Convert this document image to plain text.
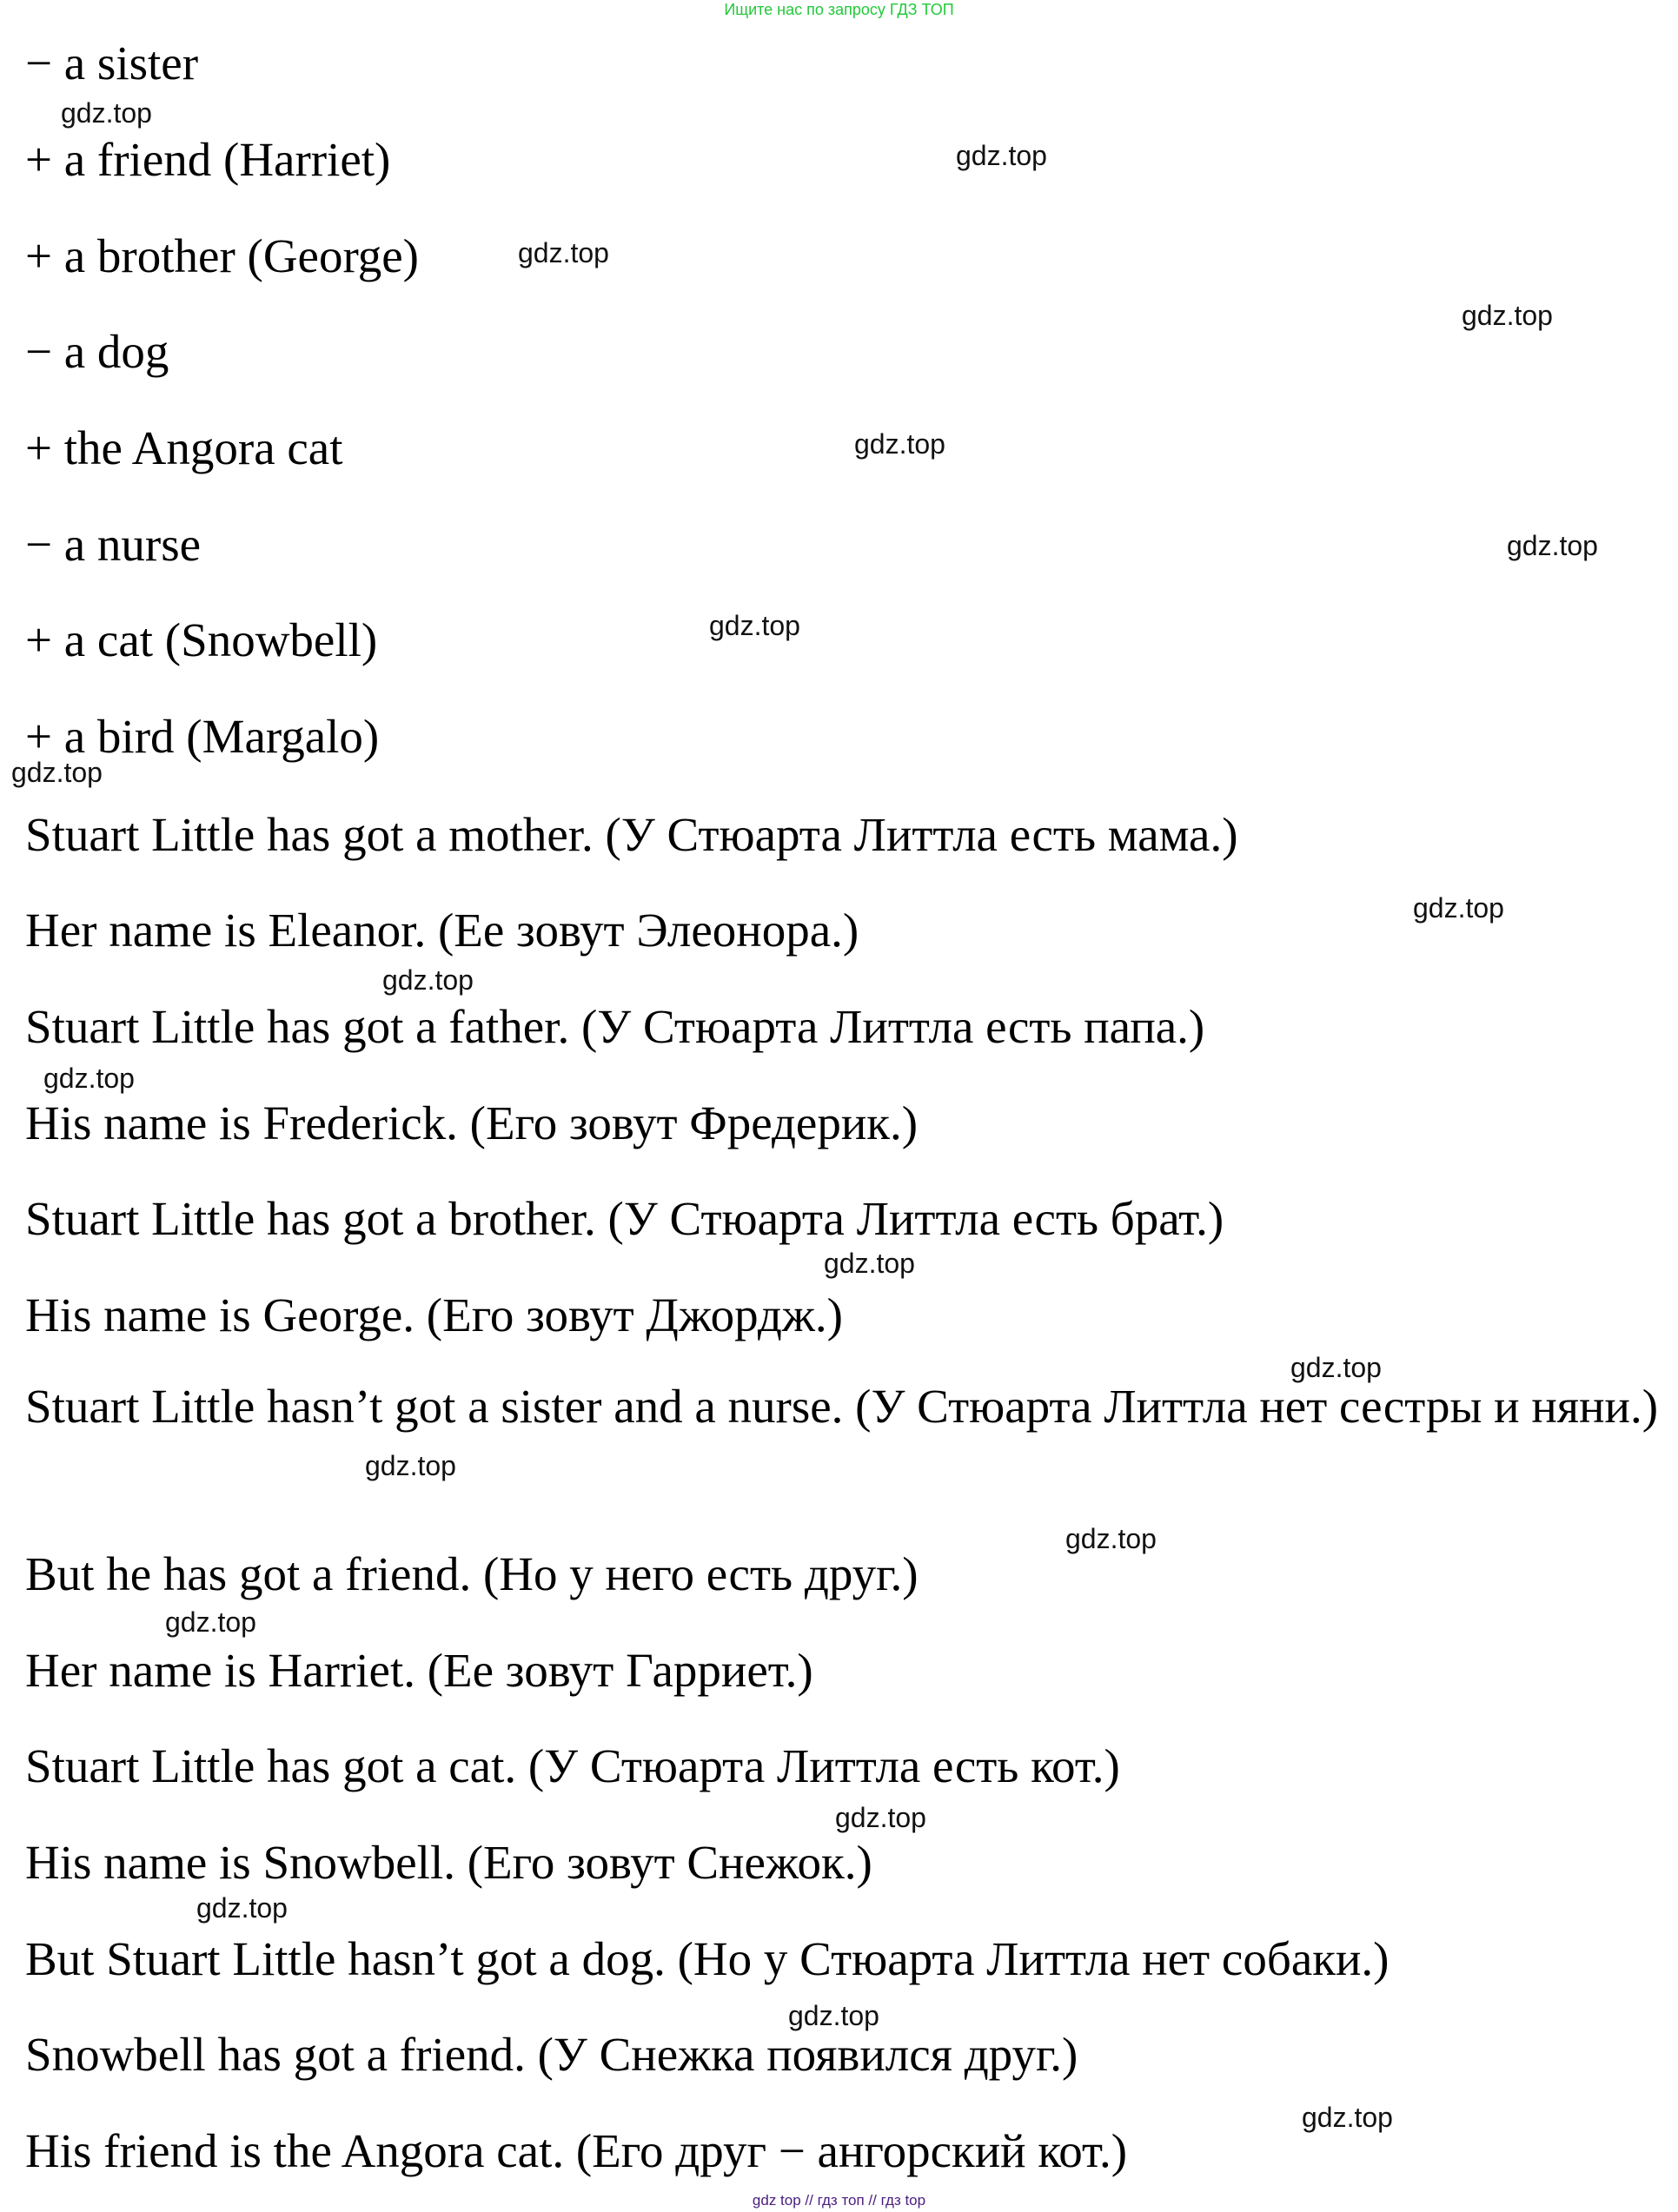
Ищите нас по запросу ГДЗ ТОП
− a sister
+ a friend (Harriet)
+ a brother (George)
− a dog
+ the Angora cat
− a nurse
+ a cat (Snowbell)
+ a bird (Margalo)
Stuart Little has got a mother. (У Стюарта Литтла есть мама.)
Her name is Eleanor. (Ее зовут Элеонора.)
Stuart Little has got a father. (У Стюарта Литтла есть папа.)
His name is Frederick. (Его зовут Фредерик.)
Stuart Little has got a brother. (У Стюарта Литтла есть брат.)
His name is George. (Его зовут Джордж.)
Stuart Little hasn’t got a sister and a nurse. (У Стюарта Литтла нет сестры и няни.)
But he has got a friend. (Но у него есть друг.)
Her name is Harriet. (Ее зовут Гарриет.)
Stuart Little has got a cat. (У Стюарта Литтла есть кот.)
His name is Snowbell. (Его зовут Снежок.)
But Stuart Little hasn’t got a dog. (Но у Стюарта Литтла нет собаки.)
Snowbell has got a friend. (У Снежка появился друг.)
His friend is the Angora cat. (Его друг − ангорский кот.)
gdz.top
gdz.top
gdz.top
gdz.top
gdz.top
gdz.top
gdz.top
gdz.top
gdz.top
gdz.top
gdz.top
gdz.top
gdz.top
gdz.top
gdz.top
gdz.top
gdz.top
gdz.top
gdz.top
gdz.top
gdz top // гдз топ // гдз top
